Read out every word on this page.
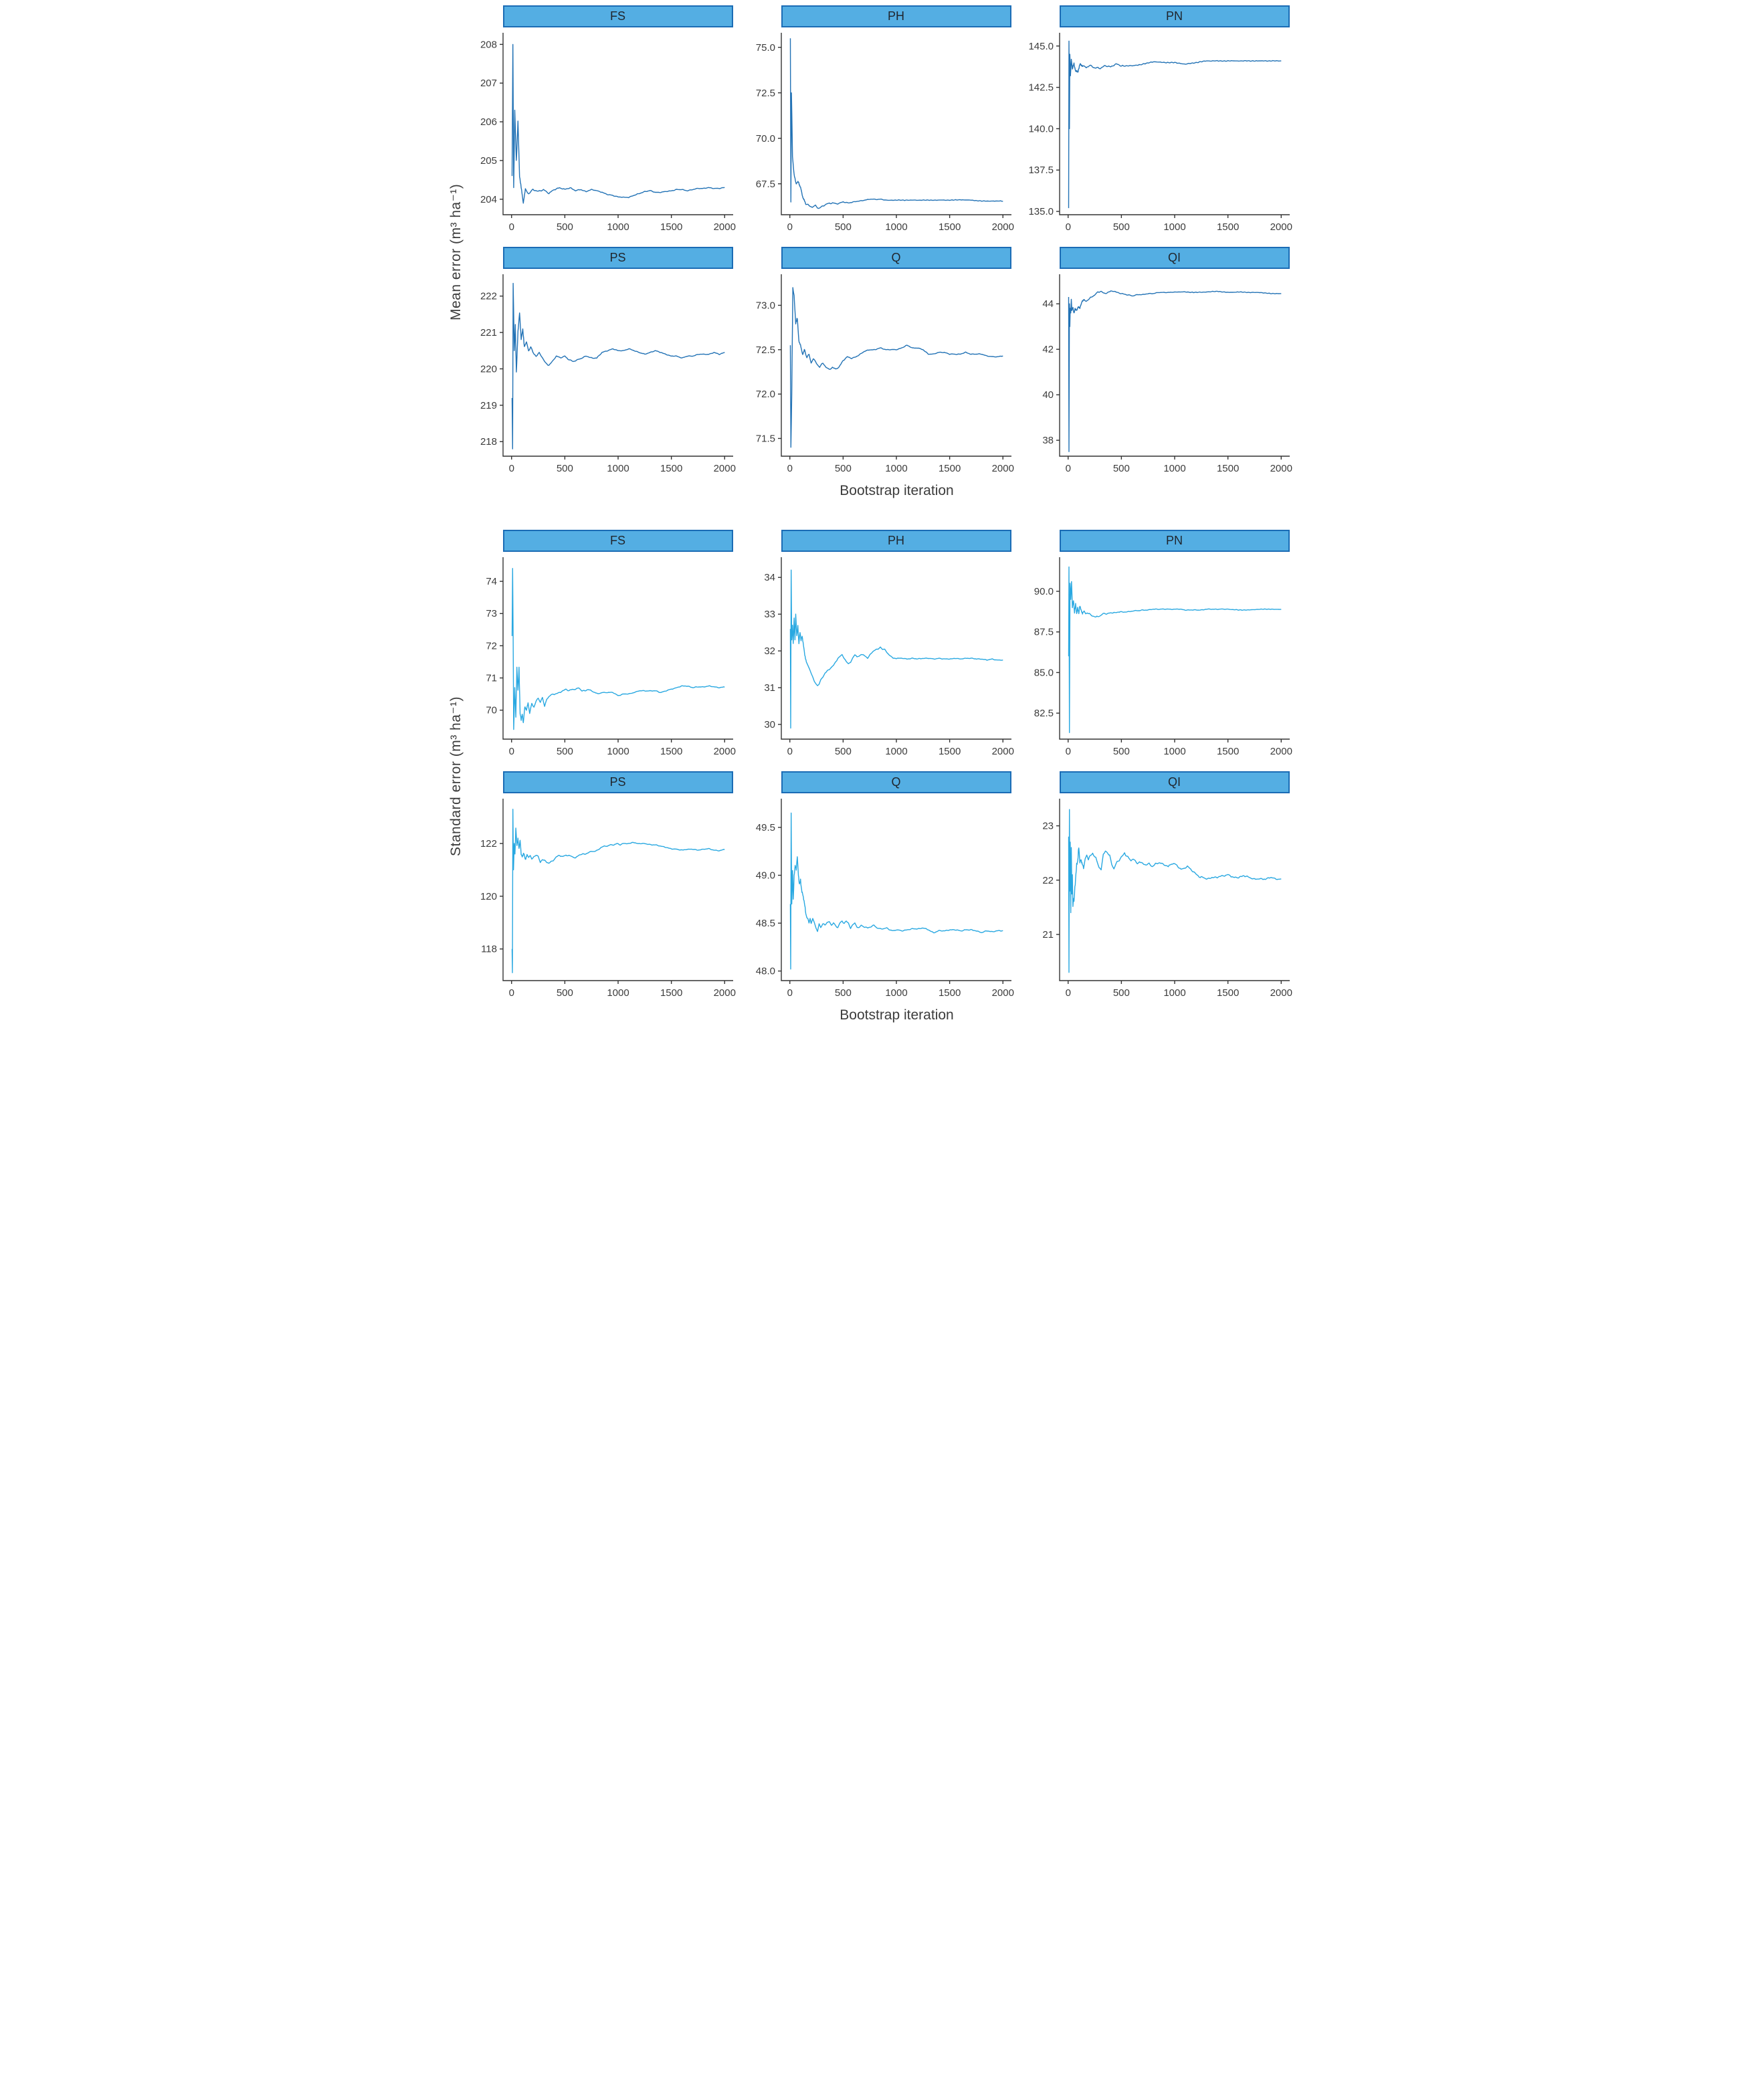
Mean error (m³ ha⁻¹)
FS
204
205
206
207
208
0	500	1000	1500	2000
PH
67.5
70.0
72.5
75.0
0	500	1000	1500	2000
PN
135.0
137.5
140.0
142.5
145.0
0	500	1000	1500	2000
PS
218
219
220
221
222
0	500	1000	1500	2000
Q
71.5
72.0
72.5
73.0
0	500	1000	1500	2000
QI
38
40
42
44
0	500	1000	1500	2000
Bootstrap iteration
Standard error (m³ ha⁻¹)
FS
70
71
72
73
74
0	500	1000	1500	2000
PH
30
31
32
33
34
0	500	1000	1500	2000
PN
82.5
85.0
87.5
90.0
0	500	1000	1500	2000
PS
118
120
122
0	500	1000	1500	2000
Q
48.0
48.5
49.0
49.5
0	500	1000	1500	2000
QI
21
22
23
0	500	1000	1500	2000
Bootstrap iteration
